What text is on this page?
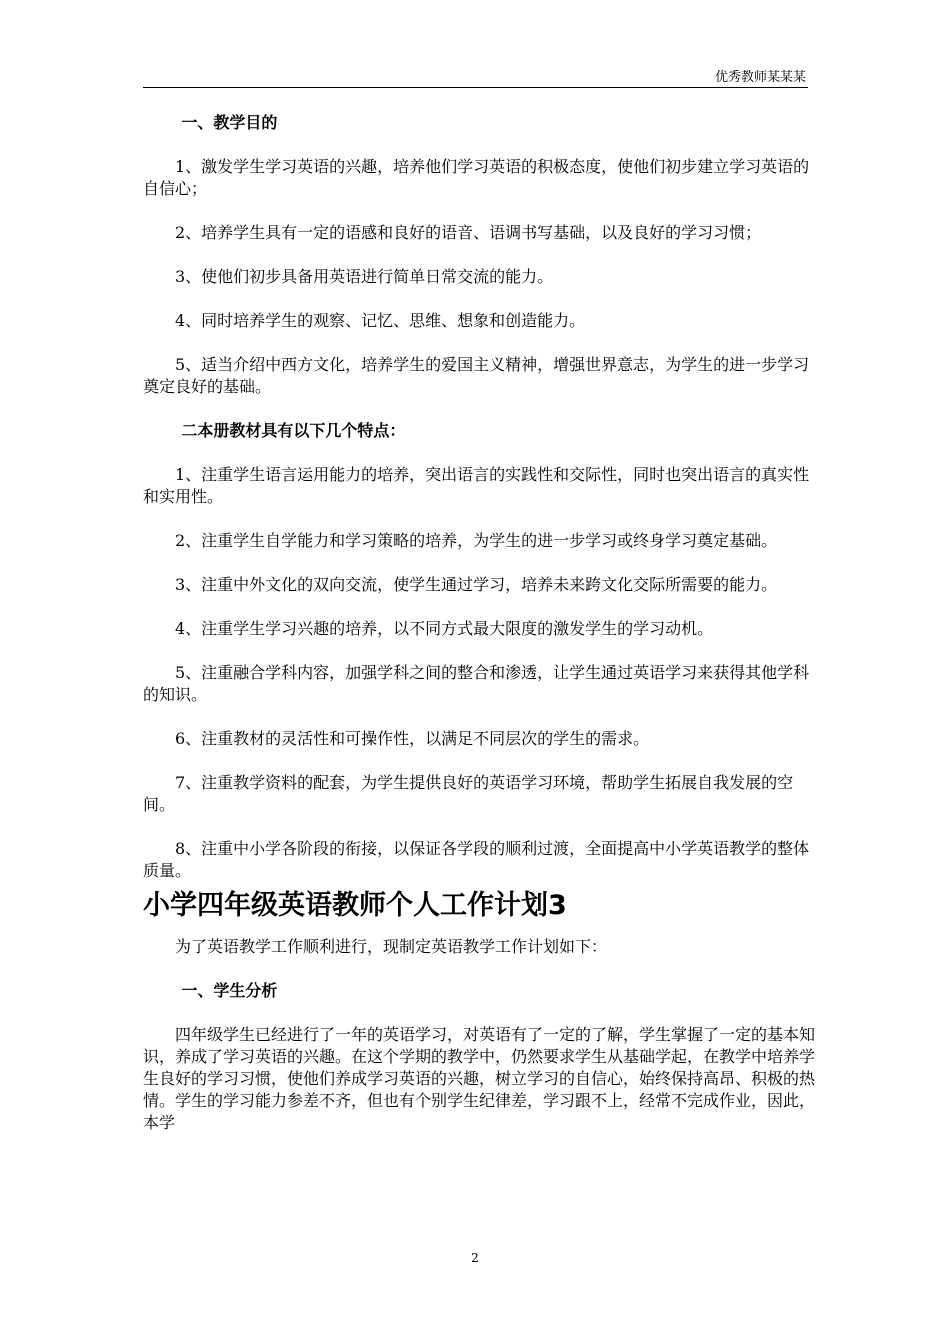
优秀教师某某某

一、教学目的

1、激发学生学习英语的兴趣，培养他们学习英语的积极态度，使他们初步建立学习英语的自信心；

2、培养学生具有一定的语感和良好的语音、语调书写基础，以及良好的学习习惯；

3、使他们初步具备用英语进行简单日常交流的能力。

4、同时培养学生的观察、记忆、思维、想象和创造能力。

5、适当介绍中西方文化，培养学生的爱国主义精神，增强世界意志，为学生的进一步学习奠定良好的基础。

二本册教材具有以下几个特点：

1、注重学生语言运用能力的培养，突出语言的实践性和交际性，同时也突出语言的真实性和实用性。

2、注重学生自学能力和学习策略的培养，为学生的进一步学习或终身学习奠定基础。

3、注重中外文化的双向交流，使学生通过学习，培养未来跨文化交际所需要的能力。

4、注重学生学习兴趣的培养，以不同方式最大限度的激发学生的学习动机。

5、注重融合学科内容，加强学科之间的整合和渗透，让学生通过英语学习来获得其他学科的知识。

6、注重教材的灵活性和可操作性，以满足不同层次的学生的需求。

7、注重教学资料的配套，为学生提供良好的英语学习环境，帮助学生拓展自我发展的空间。

8、注重中小学各阶段的衔接，以保证各学段的顺利过渡，全面提高中小学英语教学的整体质量。

小学四年级英语教师个人工作计划3

为了英语教学工作顺利进行，现制定英语教学工作计划如下：

一、学生分析

四年级学生已经进行了一年的英语学习，对英语有了一定的了解，学生掌握了一定的基本知识，养成了学习英语的兴趣。在这个学期的教学中，仍然要求学生从基础学起，在教学中培养学生良好的学习习惯，使他们养成学习英语的兴趣，树立学习的自信心，始终保持高昂、积极的热情。学生的学习能力参差不齐，但也有个别学生纪律差，学习跟不上，经常不完成作业，因此，本学

2
